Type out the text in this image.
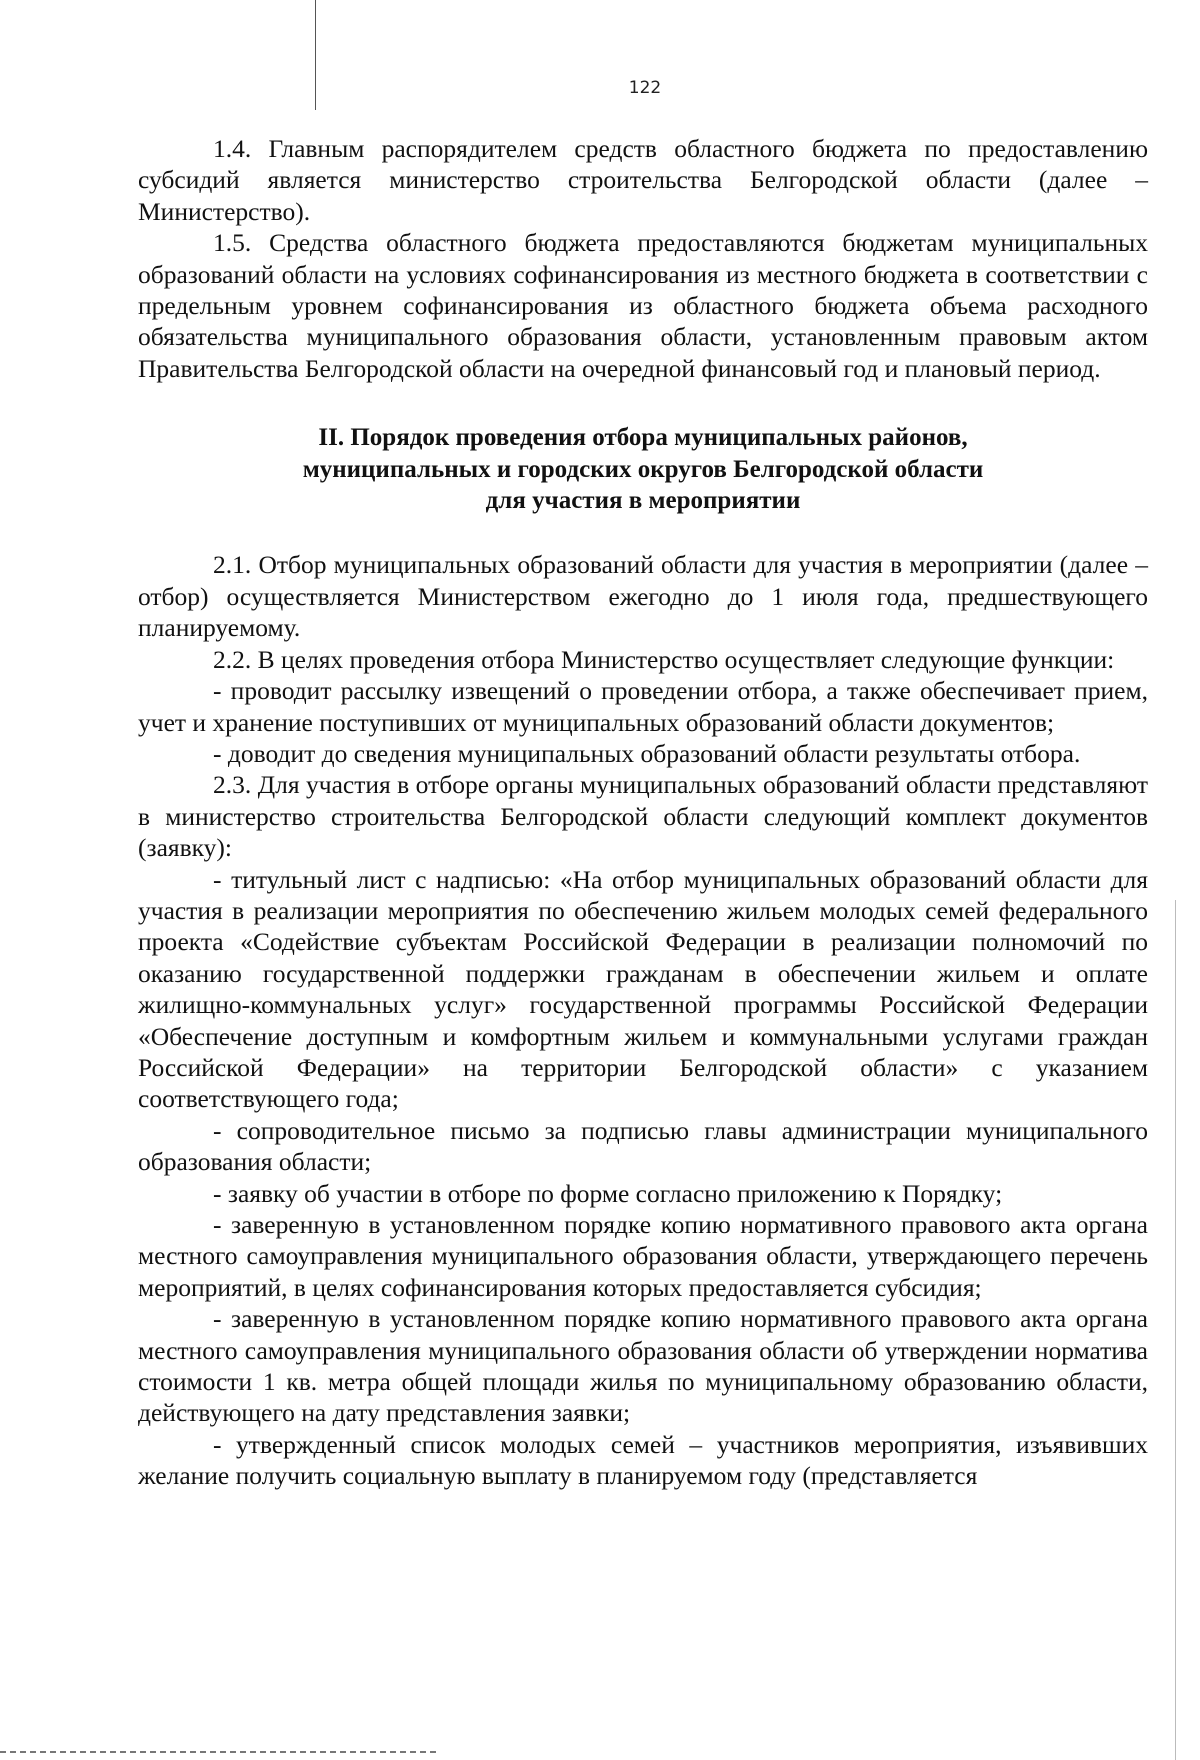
122

1.4. Главным распорядителем средств областного бюджета по предоставлению субсидий является министерство строительства Белгородской области (далее – Министерство).

1.5. Средства областного бюджета предоставляются бюджетам муниципальных образований области на условиях софинансирования из местного бюджета в соответствии с предельным уровнем софинансирования из областного бюджета объема расходного обязательства муниципального образования области, установленным правовым актом Правительства Белгородской области на очередной финансовый год и плановый период.

II. Порядок проведения отбора муниципальных районов,
муниципальных и городских округов Белгородской области
для участия в мероприятии

2.1. Отбор муниципальных образований области для участия в мероприятии (далее – отбор) осуществляется Министерством ежегодно до 1 июля года, предшествующего планируемому.

2.2. В целях проведения отбора Министерство осуществляет следующие функции:

- проводит рассылку извещений о проведении отбора, а также обеспечивает прием, учет и хранение поступивших от муниципальных образований области документов;

- доводит до сведения муниципальных образований области результаты отбора.

2.3. Для участия в отборе органы муниципальных образований области представляют в министерство строительства Белгородской области следующий комплект документов (заявку):

- титульный лист с надписью: «На отбор муниципальных образований области для участия в реализации мероприятия по обеспечению жильем молодых семей федерального проекта «Содействие субъектам Российской Федерации в реализации полномочий по оказанию государственной поддержки гражданам в обеспечении жильем и оплате жилищно-коммунальных услуг» государственной программы Российской Федерации «Обеспечение доступным и комфортным жильем и коммунальными услугами граждан Российской Федерации» на территории Белгородской области» с указанием соответствующего года;

- сопроводительное письмо за подписью главы администрации муниципального образования области;

- заявку об участии в отборе по форме согласно приложению к Порядку;

- заверенную в установленном порядке копию нормативного правового акта органа местного самоуправления муниципального образования области, утверждающего перечень мероприятий, в целях софинансирования которых предоставляется субсидия;

- заверенную в установленном порядке копию нормативного правового акта органа местного самоуправления муниципального образования области об утверждении норматива стоимости 1 кв. метра общей площади жилья по муниципальному образованию области, действующего на дату представления заявки;

- утвержденный список молодых семей – участников мероприятия, изъявивших желание получить социальную выплату в планируемом году (представляется
